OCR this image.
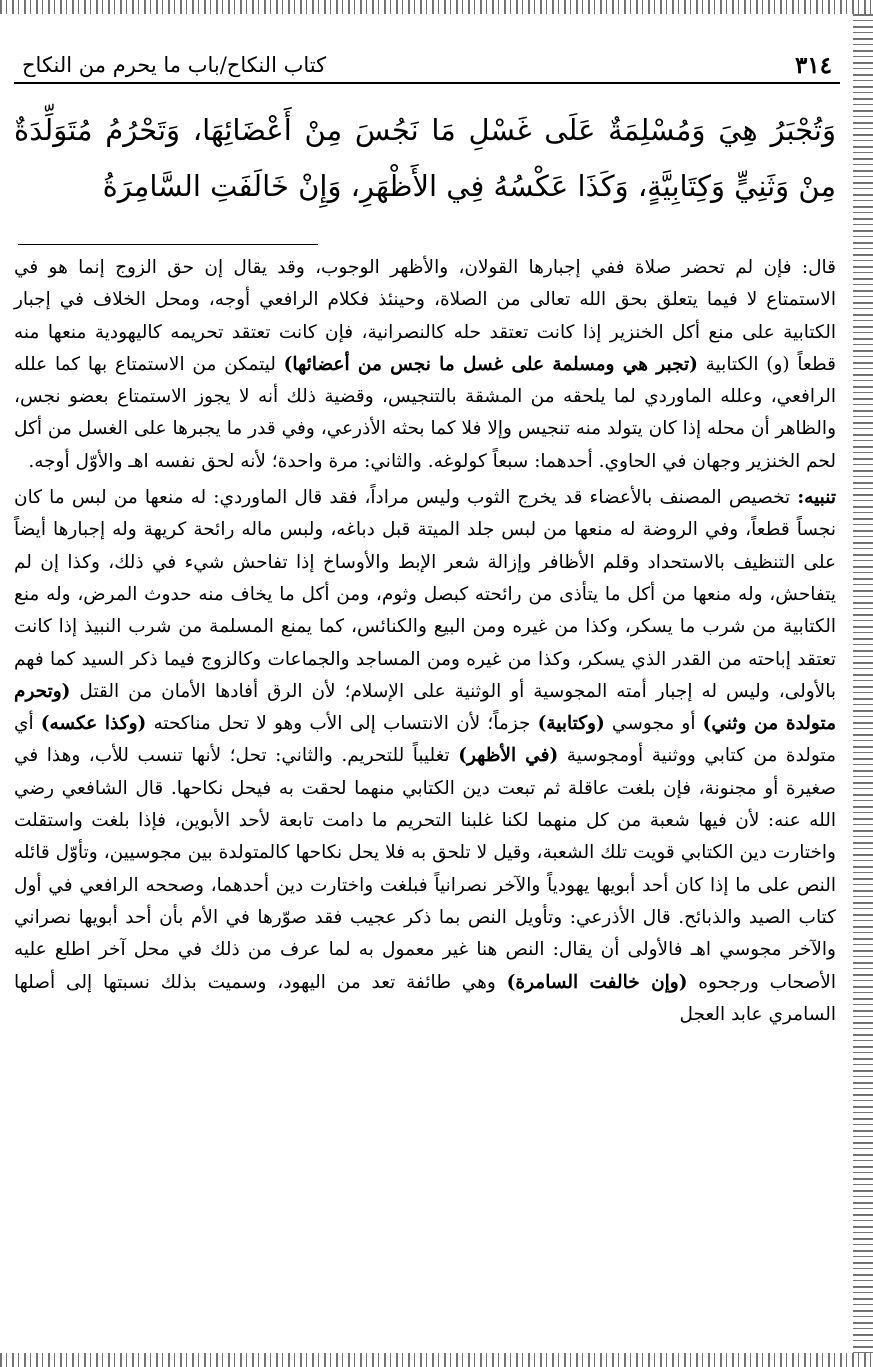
٣١٤
كتاب النكاح/باب ما يحرم من النكاح
وَتُجْبَرُ هِيَ وَمُسْلِمَةٌ عَلَى غَسْلِ مَا نَجُسَ مِنْ أَعْضَائِهَا، وَتَحْرُمُ مُتَوَلِّدَةٌ مِنْ وَثَنِيٍّ وَكِتَابِيَّةٍ، وَكَذَا عَكْسُهُ فِي الأَظْهَرِ، وَإِنْ خَالَفَتِ السَّامِرَةُ

قال: فإن لم تحضر صلاة ففي إجبارها القولان، والأظهر الوجوب، وقد يقال إن حق الزوج إنما هو في الاستمتاع لا فيما يتعلق بحق الله تعالى من الصلاة، وحينئذ فكلام الرافعي أوجه، ومحل الخلاف في إجبار الكتابية على منع أكل الخنزير إذا كانت تعتقد حله كالنصرانية، فإن كانت تعتقد تحريمه كاليهودية منعها منه قطعاً (و) الكتابية (تجبر هي ومسلمة على غسل ما نجس من أعضائها) ليتمكن من الاستمتاع بها كما علله الرافعي، وعلله الماوردي لما يلحقه من المشقة بالتنجيس، وقضية ذلك أنه لا يجوز الاستمتاع بعضو نجس، والظاهر أن محله إذا كان يتولد منه تنجيس وإلا فلا كما بحثه الأذرعي، وفي قدر ما يجبرها على الغسل من أكل لحم الخنزير وجهان في الحاوي. أحدهما: سبعاً كولوغه. والثاني: مرة واحدة؛ لأنه لحق نفسه اهـ والأوّل أوجه.

تنبيه: تخصيص المصنف بالأعضاء قد يخرج الثوب وليس مراداً، فقد قال الماوردي: له منعها من لبس ما كان نجساً قطعاً، وفي الروضة له منعها من لبس جلد الميتة قبل دباغه، ولبس ماله رائحة كريهة وله إجبارها أيضاً على التنظيف بالاستحداد وقلم الأظافر وإزالة شعر الإبط والأوساخ إذا تفاحش شيء في ذلك، وكذا إن لم يتفاحش، وله منعها من أكل ما يتأذى من رائحته كبصل وثوم، ومن أكل ما يخاف منه حدوث المرض، وله منع الكتابية من شرب ما يسكر، وكذا من غيره ومن البيع والكنائس، كما يمنع المسلمة من شرب النبيذ إذا كانت تعتقد إباحته من القدر الذي يسكر، وكذا من غيره ومن المساجد والجماعات وكالزوج فيما ذكر السيد كما فهم بالأولى، وليس له إجبار أمته المجوسية أو الوثنية على الإسلام؛ لأن الرق أفادها الأمان من القتل (وتحرم متولدة من وثني) أو مجوسي (وكتابية) جزماً؛ لأن الانتساب إلى الأب وهو لا تحل مناكحته (وكذا عكسه) أي متولدة من كتابي ووثنية أومجوسية (في الأظهر) تغليباً للتحريم. والثاني: تحل؛ لأنها تنسب للأب، وهذا في صغيرة أو مجنونة، فإن بلغت عاقلة ثم تبعت دين الكتابي منهما لحقت به فيحل نكاحها. قال الشافعي رضي الله عنه: لأن فيها شعبة من كل منهما لكنا غلبنا التحريم ما دامت تابعة لأحد الأبوين، فإذا بلغت واستقلت واختارت دين الكتابي قويت تلك الشعبة، وقيل لا تلحق به فلا يحل نكاحها كالمتولدة بين مجوسيين، وتأوّل قائله النص على ما إذا كان أحد أبويها يهودياً والآخر نصرانياً فبلغت واختارت دين أحدهما، وصححه الرافعي في أول كتاب الصيد والذبائح. قال الأذرعي: وتأويل النص بما ذكر عجيب فقد صوّرها في الأم بأن أحد أبويها نصراني والآخر مجوسي اهـ فالأولى أن يقال: النص هنا غير معمول به لما عرف من ذلك في محل آخر اطلع عليه الأصحاب ورجحوه (وإن خالفت السامرة) وهي طائفة تعد من اليهود، وسميت بذلك نسبتها إلى أصلها السامري عابد العجل
